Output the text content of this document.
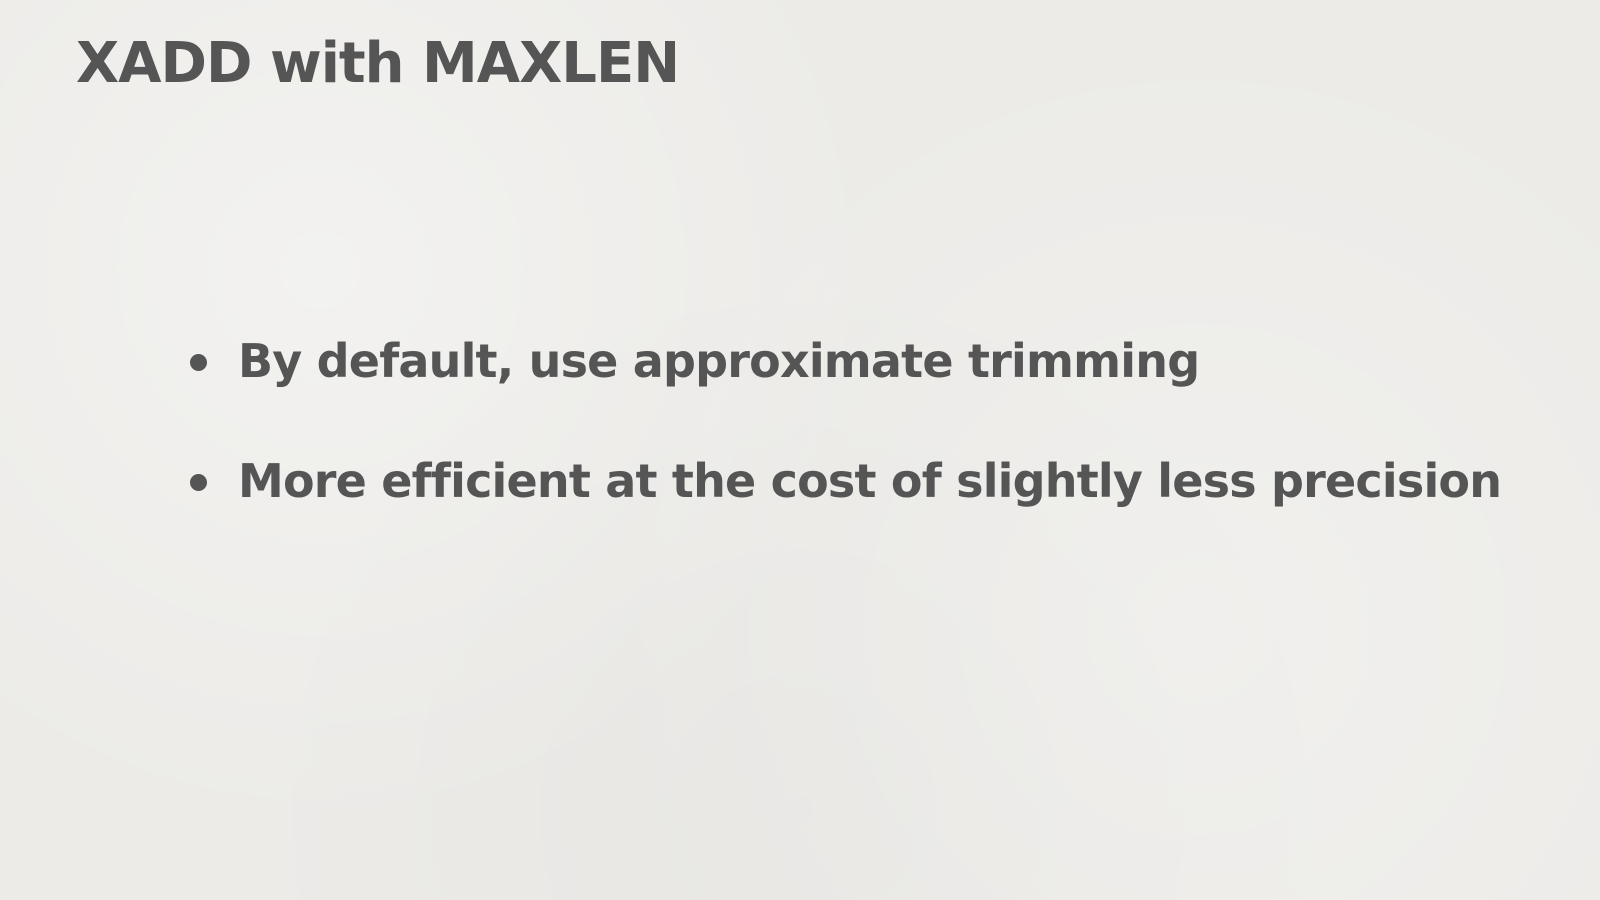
XADD with MAXLEN
By default, use approximate trimming
More efficient at the cost of slightly less precision
